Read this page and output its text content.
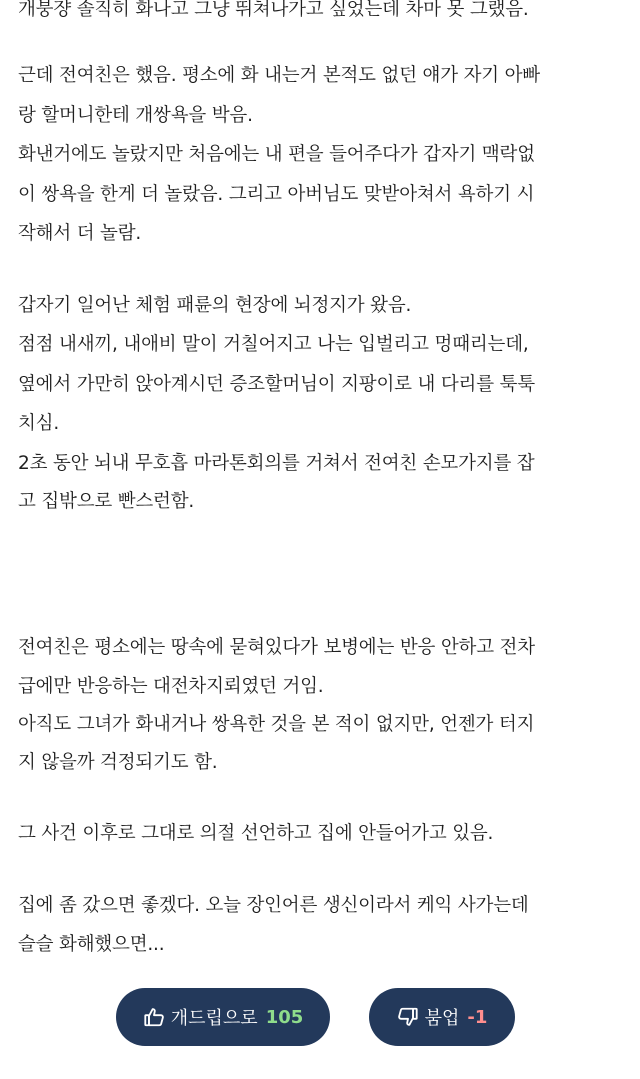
개붕쟝 솔직히 화나고 그냥 뛰쳐나가고 싶었는데 차마 못 그랬음.
근데 전여친은 했음. 평소에 화 내는거 본적도 없던 얘가 자기 아빠
랑 할머니한테 개쌍욕을 박음.
화낸거에도 놀랐지만 처음에는 내 편을 들어주다가 갑자기 맥락없
이 쌍욕을 한게 더 놀랐음. 그리고 아버님도 맞받아쳐서 욕하기 시
작해서 더 놀람.
갑자기 일어난 체험 패륜의 현장에 뇌정지가 왔음.
점점 내새끼, 내애비 말이 거칠어지고 나는 입벌리고 멍때리는데,
옆에서 가만히 앉아계시던 증조할머님이 지팡이로 내 다리를 툭툭
치심.
2초 동안 뇌내 무호흡 마라톤회의를 거쳐서 전여친 손모가지를 잡
고 집밖으로 빤스런함.
전여친은 평소에는 땅속에 묻혀있다가 보병에는 반응 안하고 전차
급에만 반응하는 대전차지뢰였던 거임.
아직도 그녀가 화내거나 쌍욕한 것을 본 적이 없지만, 언젠가 터지
지 않을까 걱정되기도 함.
그 사건 이후로 그대로 의절 선언하고 집에 안들어가고 있음.
집에 좀 갔으면 좋겠다. 오늘 장인어른 생신이라서 케익 사가는데
슬슬 화해했으면...
개드립으로 105	붐업 -1
